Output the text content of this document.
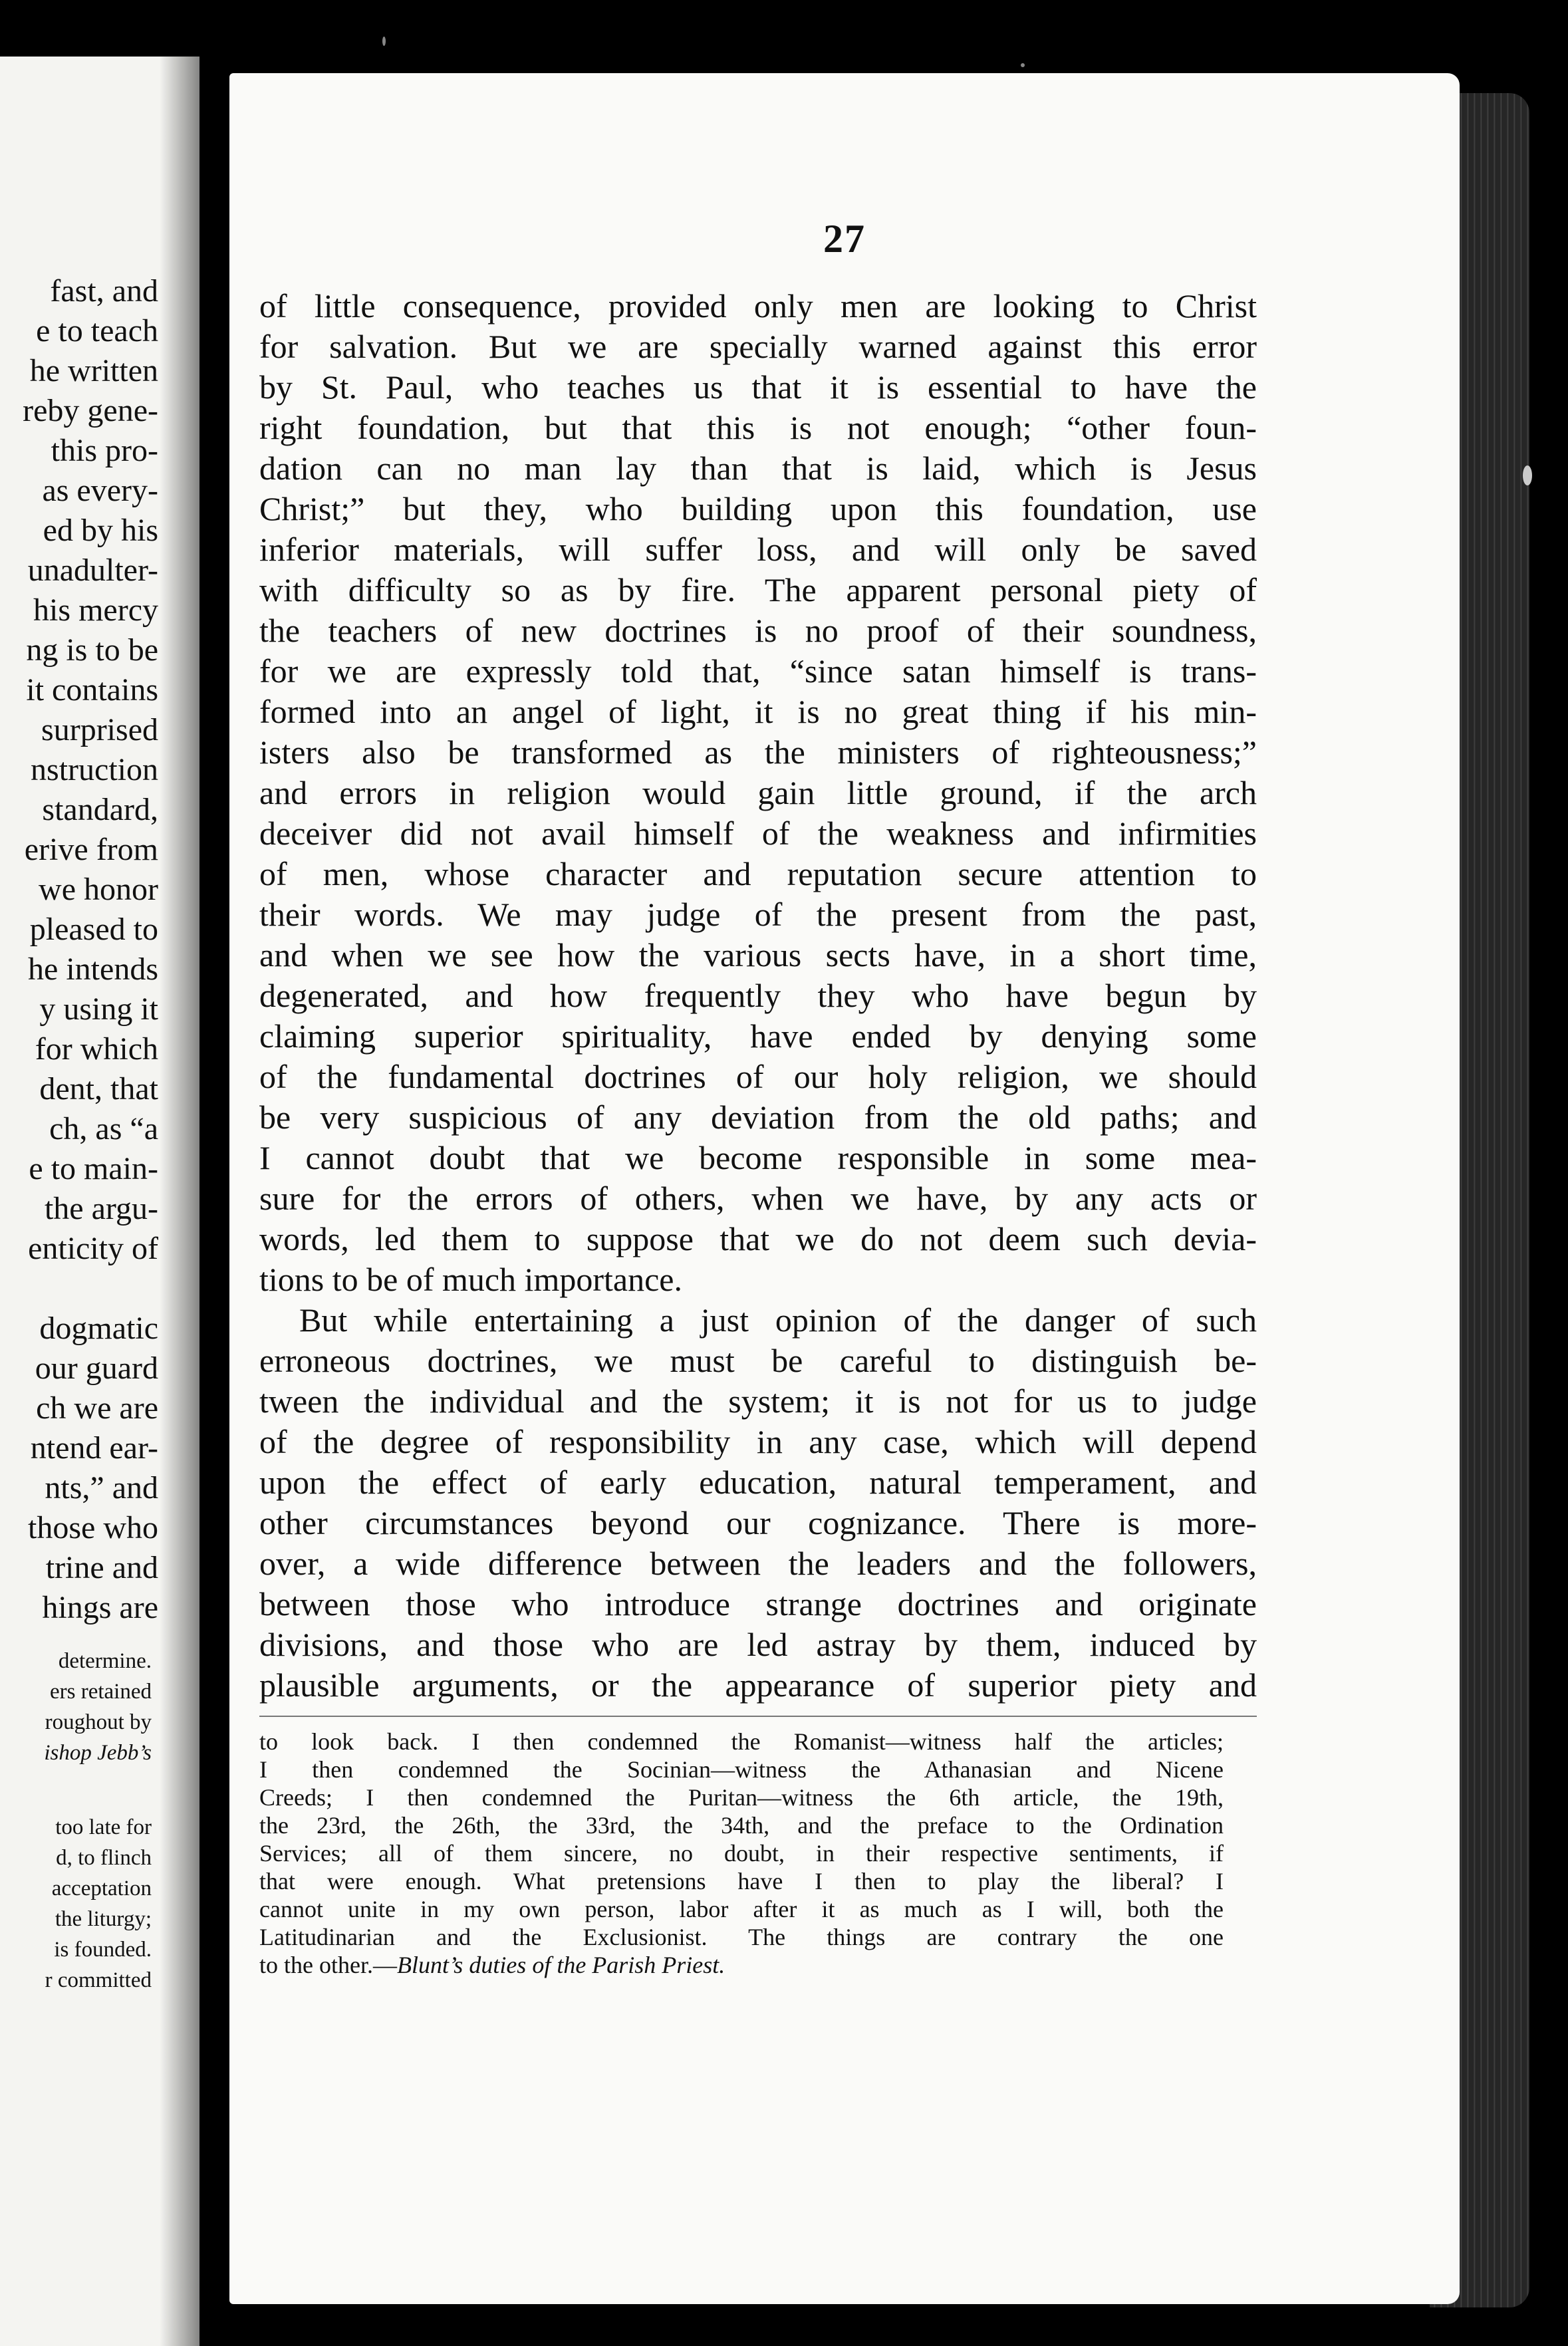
fast, and
e to teach
he written
reby gene-
this pro-
as every-
ed by his
unadulter-
his mercy
ng is to be
it contains
surprised
nstruction
standard,
erive from
we honor
pleased to
he intends
y using it
for which
dent, that
ch, as “a
e to main-
the argu-
enticity of
dogmatic
our guard
ch we are
ntend ear-
nts,” and
those who
trine and
hings are
determine.
ers retained
roughout by
ishop Jebb’s
too late for
d, to flinch
acceptation
the liturgy;
is founded.
r committed
27
of little consequence, provided only men are looking to Christ
for salvation. But we are specially warned against this error
by St. Paul, who teaches us that it is essential to have the
right foundation, but that this is not enough; “other foun-
dation can no man lay than that is laid, which is Jesus
Christ;” but they, who building upon this foundation, use
inferior materials, will suffer loss, and will only be saved
with difficulty so as by fire. The apparent personal piety of
the teachers of new doctrines is no proof of their soundness,
for we are expressly told that, “since satan himself is trans-
formed into an angel of light, it is no great thing if his min-
isters also be transformed as the ministers of righteousness;”
and errors in religion would gain little ground, if the arch
deceiver did not avail himself of the weakness and infirmities
of men, whose character and reputation secure attention to
their words. We may judge of the present from the past,
and when we see how the various sects have, in a short time,
degenerated, and how frequently they who have begun by
claiming superior spirituality, have ended by denying some
of the fundamental doctrines of our holy religion, we should
be very suspicious of any deviation from the old paths; and
I cannot doubt that we become responsible in some mea-
sure for the errors of others, when we have, by any acts or
words, led them to suppose that we do not deem such devia-
tions to be of much importance.
But while entertaining a just opinion of the danger of such
erroneous doctrines, we must be careful to distinguish be-
tween the individual and the system; it is not for us to judge
of the degree of responsibility in any case, which will depend
upon the effect of early education, natural temperament, and
other circumstances beyond our cognizance. There is more-
over, a wide difference between the leaders and the followers,
between those who introduce strange doctrines and originate
divisions, and those who are led astray by them, induced by
plausible arguments, or the appearance of superior piety and
to look back. I then condemned the Romanist—witness half the articles;
I then condemned the Socinian—witness the Athanasian and Nicene
Creeds; I then condemned the Puritan—witness the 6th article, the 19th,
the 23rd, the 26th, the 33rd, the 34th, and the preface to the Ordination
Services; all of them sincere, no doubt, in their respective sentiments, if
that were enough. What pretensions have I then to play the liberal? I
cannot unite in my own person, labor after it as much as I will, both the
Latitudinarian and the Exclusionist. The things are contrary the one
to the other.—Blunt’s duties of the Parish Priest.
